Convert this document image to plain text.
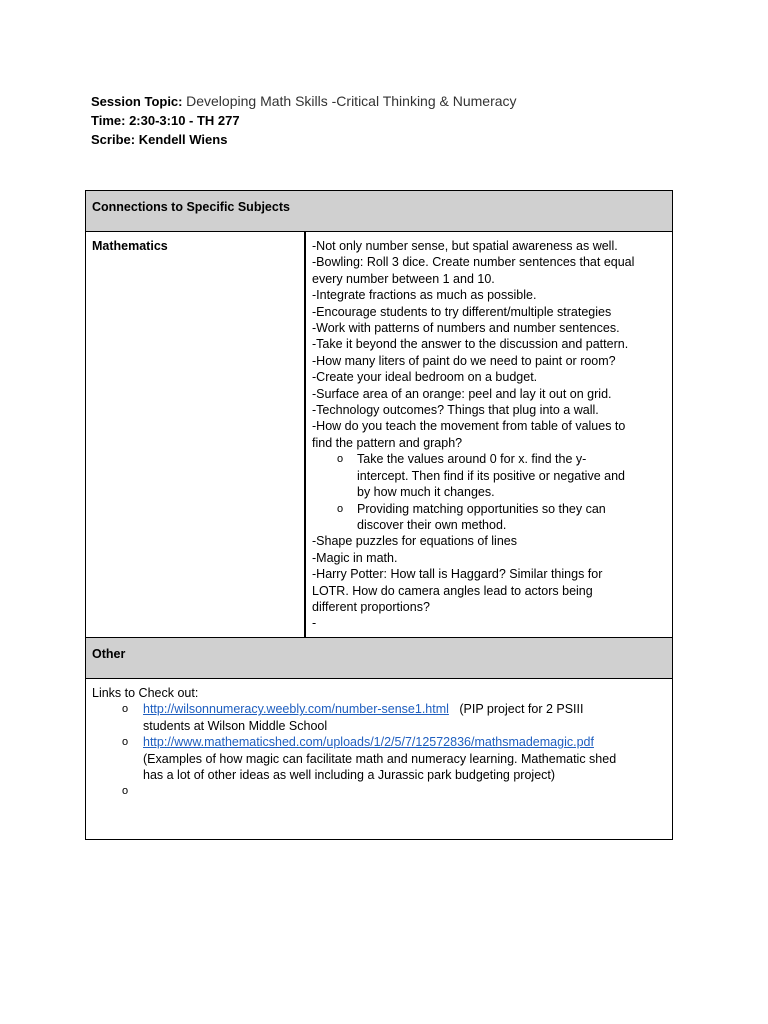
Session Topic: Developing Math Skills -Critical Thinking & Numeracy
Time: 2:30-3:10 - TH 277
Scribe: Kendell Wiens
Connections to Specific Subjects
Mathematics	-Not only number sense, but spatial awareness as well.
-Bowling: Roll 3 dice. Create number sentences that equal
every number between 1 and 10.
-Integrate fractions as much as possible.
-Encourage students to try different/multiple strategies
-Work with patterns of numbers and number sentences.
-Take it beyond the answer to the discussion and pattern.
-How many liters of paint do we need to paint or room?
-Create your ideal bedroom on a budget.
-Surface area of an orange: peel and lay it out on grid.
-Technology outcomes? Things that plug into a wall.
-How do you teach the movement from table of values to
find the pattern and graph?
o Take the values around 0 for x. find the y-
intercept. Then find if its positive or negative and
by how much it changes.
o Providing matching opportunities so they can
discover their own method.
-Shape puzzles for equations of lines
-Magic in math.
-Harry Potter: How tall is Haggard? Similar things for
LOTR. How do camera angles lead to actors being
different proportions?
-

Other

Links to Check out:
o http://wilsonnumeracy.weebly.com/number-sense1.html (PIP project for 2 PSIII
students at Wilson Middle School
o http://www.mathematicshed.com/uploads/1/2/5/7/12572836/mathsmademagic.pdf
(Examples of how magic can facilitate math and numeracy learning. Mathematic shed
has a lot of other ideas as well including a Jurassic park budgeting project)
o
